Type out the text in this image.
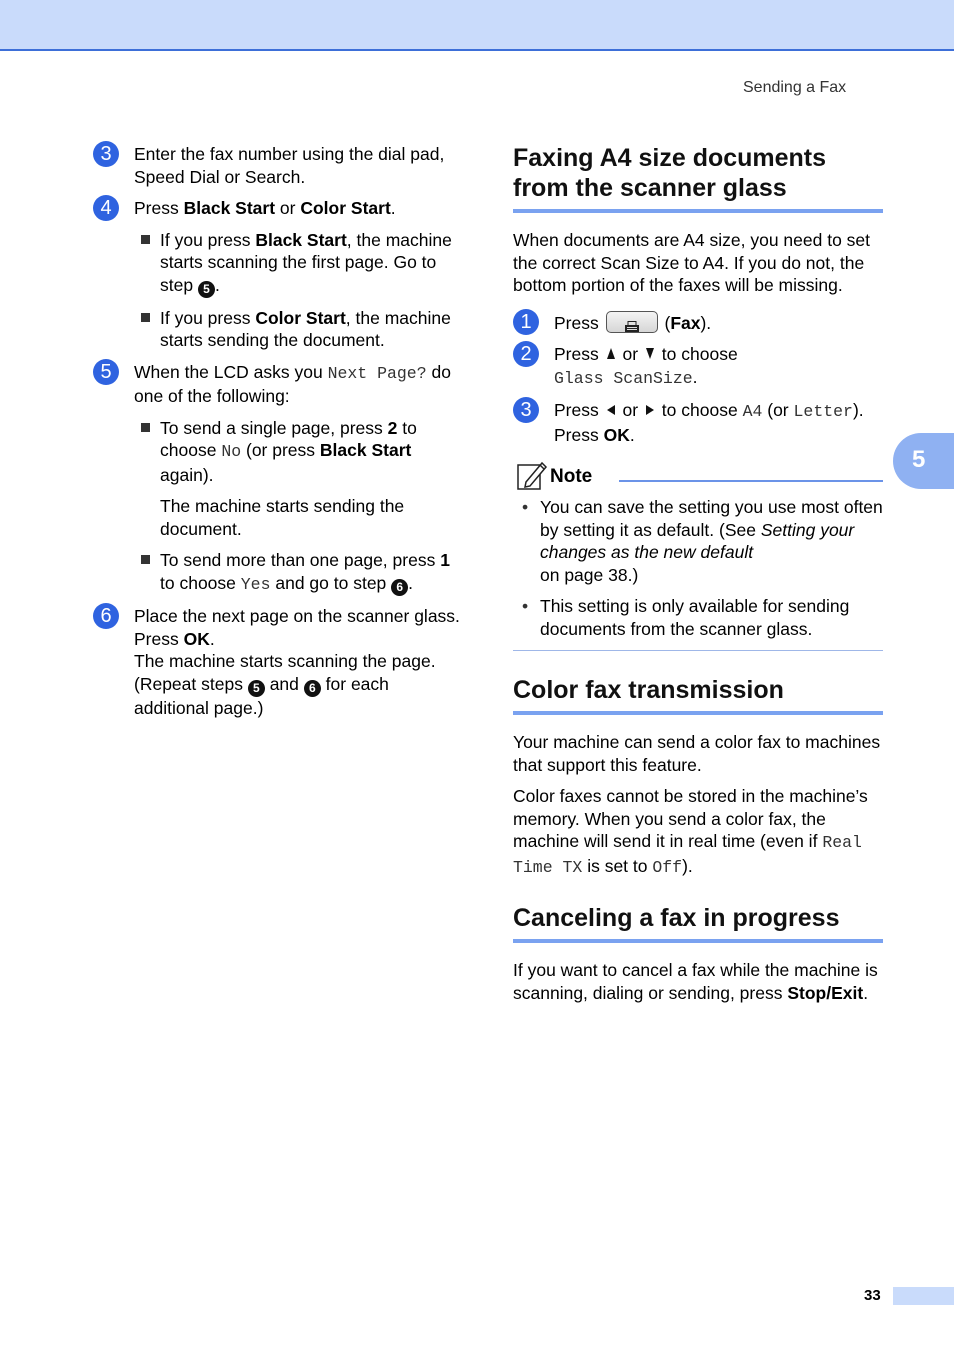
Sending a Fax
5
3	Enter the fax number using the dial pad, Speed Dial or Search.

4	Press Black Start or Color Start.

If you press Black Start, the machine starts scanning the first page. Go to step 5 .

If you press Color Start, the machine starts sending the document.

5	When the LCD asks you Next Page? do one of the following:

To send a single page, press 2 to choose No (or press Black Start again).

The machine starts sending the document.

To send more than one page, press 1 to choose Yes and go to step 6 .

6	Place the next page on the scanner glass.
Press OK.
The machine starts scanning the page.
(Repeat steps 5 and 6 for each additional page.)

Faxing A4 size documents from the scanner glass

When documents are A4 size, you need to set the correct Scan Size to A4. If you do not, the bottom portion of the faxes will be missing.

1	Press	(Fax).

2	Press or to choose
Glass ScanSize.

3	Press or to choose A4 (or Letter).
Press OK.

Note
• You can save the setting you use most often by setting it as default. (See Setting your changes as the new default
on page 38.)
• This setting is only available for sending documents from the scanner glass.
Color fax transmission

Your machine can send a color fax to machines that support this feature.

Color faxes cannot be stored in the machine’s memory. When you send a color fax, the machine will send it in real time (even if Real Time TX is set to Off).

Canceling a fax in progress

If you want to cancel a fax while the machine is scanning, dialing or sending, press Stop/Exit.

33
